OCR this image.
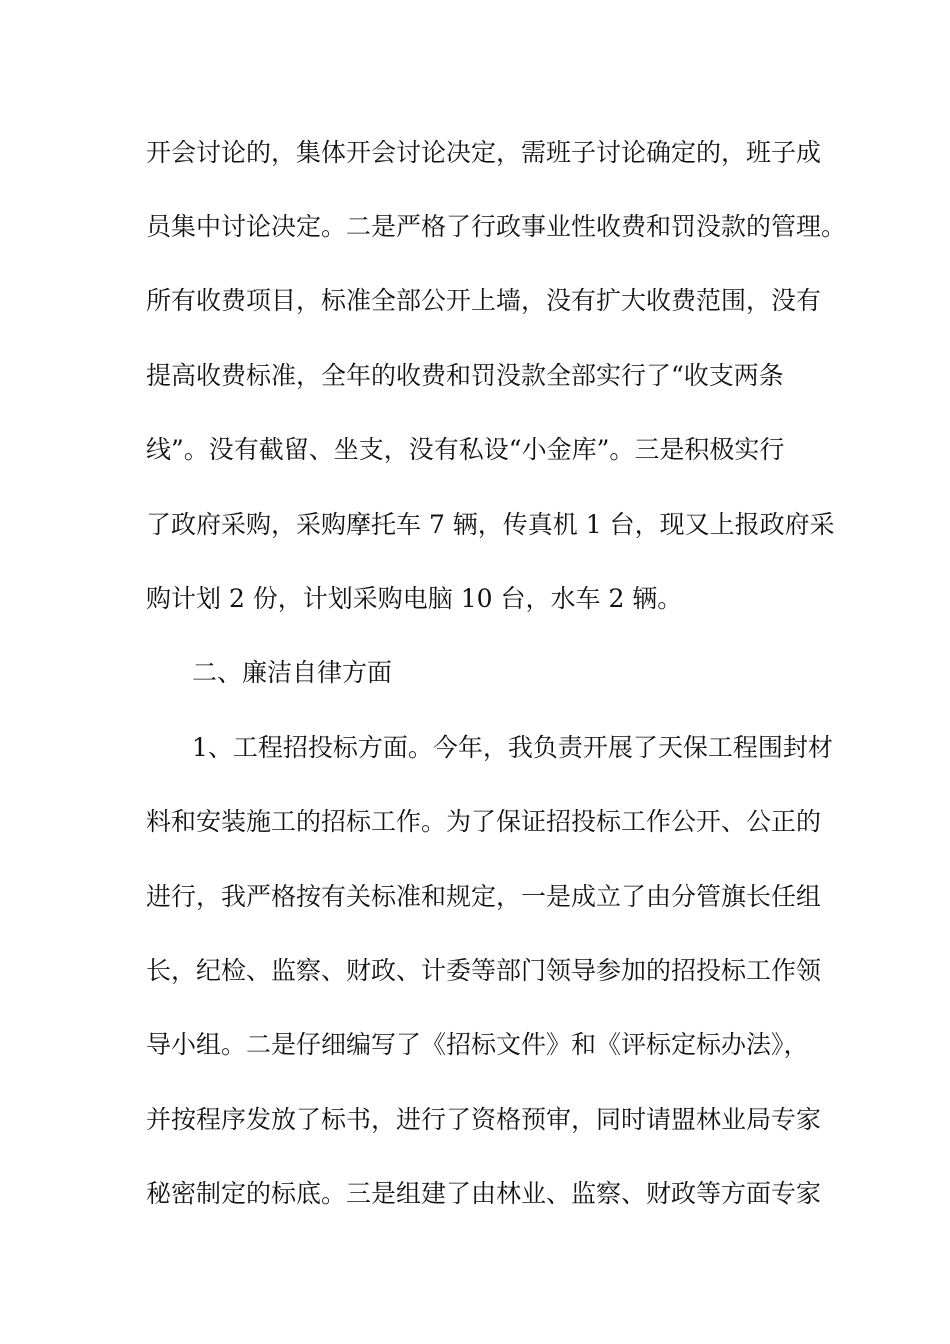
开会讨论的，集体开会讨论决定，需班子讨论确定的，班子成
员集中讨论决定。二是严格了行政事业性收费和罚没款的管理。
所有收费项目，标准全部公开上墙，没有扩大收费范围，没有
提高收费标准，全年的收费和罚没款全部实行了“收支两条
线”。没有截留、坐支，没有私设“小金库”。三是积极实行
了政府采购，采购摩托车 7 辆，传真机 1 台，现又上报政府采
购计划 2 份，计划采购电脑 10 台，水车 2 辆。
二、廉洁自律方面
1、工程招投标方面。今年，我负责开展了天保工程围封材
料和安装施工的招标工作。为了保证招投标工作公开、公正的
进行，我严格按有关标准和规定，一是成立了由分管旗长任组
长，纪检、监察、财政、计委等部门领导参加的招投标工作领
导小组。二是仔细编写了《招标文件》和《评标定标办法》，
并按程序发放了标书，进行了资格预审，同时请盟林业局专家
秘密制定的标底。三是组建了由林业、监察、财政等方面专家
